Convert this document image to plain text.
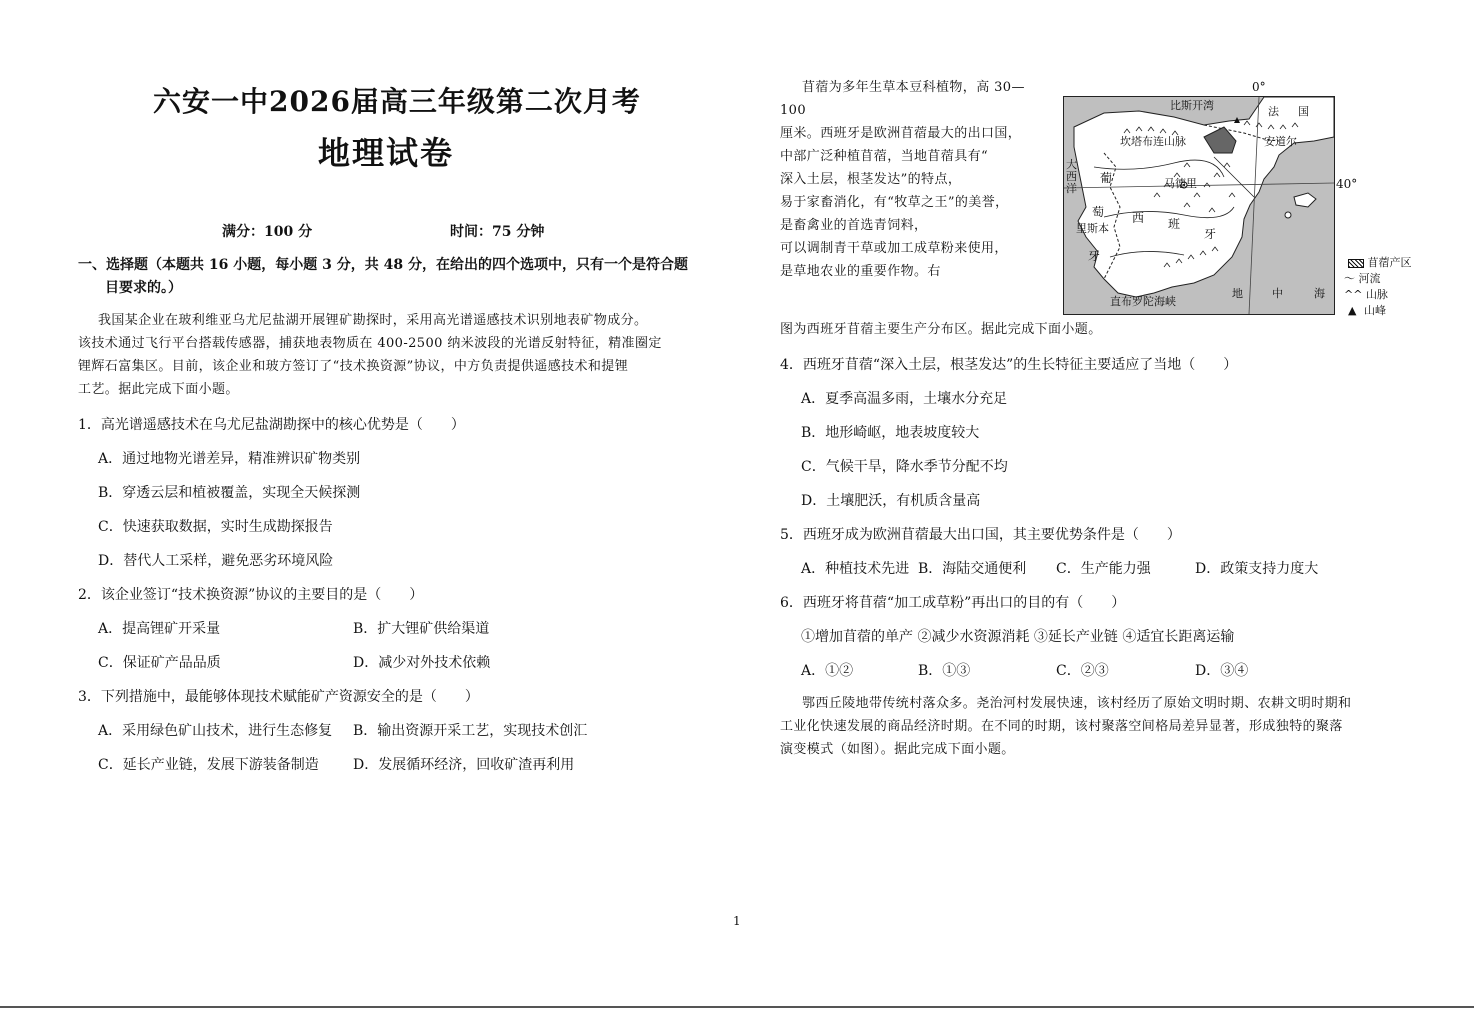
六安一中2026届高三年级第二次月考
地理试卷
满分：100 分	时间：75 分钟
一、选择题（本题共 16 小题，每小题 3 分，共 48 分，在给出的四个选项中，只有一个是符合题
目要求的。）
我国某企业在玻利维亚乌尤尼盐湖开展锂矿勘探时，采用高光谱遥感技术识别地表矿物成分。
该技术通过飞行平台搭载传感器，捕获地表物质在 400-2500 纳米波段的光谱反射特征，精准圈定
锂辉石富集区。目前，该企业和玻方签订了“技术换资源”协议，中方负责提供遥感技术和提锂
工艺。据此完成下面小题。
1．高光谱遥感技术在乌尤尼盐湖勘探中的核心优势是（　　）
A．通过地物光谱差异，精准辨识矿物类别
B．穿透云层和植被覆盖，实现全天候探测
C．快速获取数据，实时生成勘探报告
D．替代人工采样，避免恶劣环境风险
2．该企业签订“技术换资源”协议的主要目的是（　　）
A．提高锂矿开采量	B．扩大锂矿供给渠道
C．保证矿产品品质	D．减少对外技术依赖
3．下列措施中，最能够体现技术赋能矿产资源安全的是（　　）
A．采用绿色矿山技术，进行生态修复 B．输出资源开采工艺，实现技术创汇
C．延长产业链，发展下游装备制造 D．发展循环经济，回收矿渣再利用
苜蓿为多年生草本豆科植物，高 30—
100
厘米。西班牙是欧洲苜蓿最大的出口国，
中部广泛种植苜蓿，当地苜蓿具有“
深入土层，根茎发达”的特点，
易于家畜消化，有“牧草之王”的美誉，
是畜禽业的首选青饲料，
可以调制青干草或加工成草粉来使用，
是草地农业的重要作物。右
图为西班牙苜蓿主要生产分布区。据此完成下面小题。
0°
40°
比斯开湾	法 国
坎塔布连山脉	安道尔
大西洋
葡	马德里
萄
牙
西 班
牙
里斯本
直布罗陀海峡
地	中	海
苜蓿产区
〜 河流
^^ 山脉
▲ 山峰
4．西班牙苜蓿“深入土层，根茎发达”的生长特征主要适应了当地（　　）
A．夏季高温多雨，土壤水分充足
B．地形崎岖，地表坡度较大
C．气候干旱，降水季节分配不均
D．土壤肥沃，有机质含量高
5．西班牙成为欧洲苜蓿最大出口国，其主要优势条件是（　　）
A．种植技术先进 B．海陆交通便利 C．生产能力强	D．政策支持力度大
6．西班牙将苜蓿“加工成草粉”再出口的目的有（　　）
①增加苜蓿的单产 ②减少水资源消耗 ③延长产业链 ④适宜长距离运输
A．①②	B．①③	C．②③	D．③④
鄂西丘陵地带传统村落众多。尧治河村发展快速，该村经历了原始文明时期、农耕文明时期和
工业化快速发展的商品经济时期。在不同的时期，该村聚落空间格局差异显著，形成独特的聚落
演变模式（如图）。据此完成下面小题。
1
